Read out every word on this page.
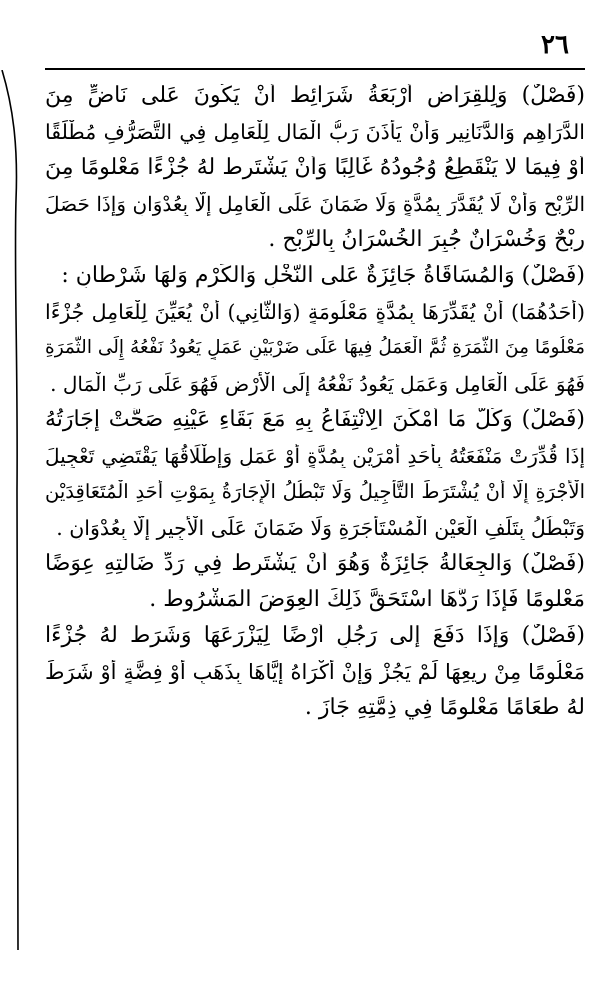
٢٦
(فَصْلٌ) وَلِلْقِرَاضِ أَرْبَعَةُ شَرَائِطَ أَنْ يَكُونَ عَلَى نَاضٍّ مِنَ
الدَّرَاهِمِ وَالدَّنَانِيرِ وَأَنْ يَأْذَنَ رَبُّ الْمَالِ لِلْعَامِلِ فِي التَّصَرُّفِ مُطْلَقًا
أَوْ فِيمَا لَا يَنْقَطِعُ وُجُودُهُ غَالِبًا وَأَنْ يَشْتَرِطَ لَهُ جُزْءًا مَعْلُومًا مِنَ
الرِّبْحِ وَأَنْ لَا يُقَدَّرَ بِمُدَّةٍ وَلَا ضَمَانَ عَلَى الْعَامِلِ إِلَّا بِعُدْوَانٍ وَإِذَا حَصَلَ
رِبْحٌ وَخُسْرَانٌ جُبِرَ الْخُسْرَانُ بِالرِّبْحِ .
(فَصْلٌ) وَالْمُسَاقَاةُ جَائِزَةٌ عَلَى النَّخْلِ وَالْكَرْمِ وَلَهَا شَرْطَانِ :
(أَحَدُهُمَا) أَنْ يُقَدِّرَهَا بِمُدَّةٍ مَعْلُومَةٍ (وَالثَّانِي) أَنْ يُعَيِّنَ لِلْعَامِلِ جُزْءًا
مَعْلُومًا مِنَ الثَّمَرَةِ ثُمَّ الْعَمَلُ فِيهَا عَلَى ضَرْبَيْنِ عَمَلٍ يَعُودُ نَفْعُهُ إِلَى الثَّمَرَةِ
فَهُوَ عَلَى الْعَامِلِ وَعَمَلٍ يَعُودُ نَفْعُهُ إِلَى الْأَرْضِ فَهُوَ عَلَى رَبِّ الْمَالِ .
(فَصْلٌ) وَكُلُّ مَا أَمْكَنَ الِانْتِفَاعُ بِهِ مَعَ بَقَاءِ عَيْنِهِ صَحَّتْ إِجَارَتُهُ
إِذَا قُدِّرَتْ مَنْفَعَتُهُ بِأَحَدِ أَمْرَيْنِ بِمُدَّةٍ أَوْ عَمَلٍ وَإِطْلَاقُهَا يَقْتَضِي تَعْجِيلَ
الْأُجْرَةِ إِلَّا أَنْ يُشْتَرَطَ التَّأْجِيلُ وَلَا تَبْطُلُ الْإِجَارَةُ بِمَوْتِ أَحَدِ الْمُتَعَاقِدَيْنِ
وَتَبْطُلُ بِتَلَفِ الْعَيْنِ الْمُسْتَأْجَرَةِ وَلَا ضَمَانَ عَلَى الْأَجِيرِ إِلَّا بِعُدْوَانٍ .
(فَصْلٌ) وَالْجِعَالَةُ جَائِزَةٌ وَهُوَ أَنْ يَشْتَرِطَ فِي رَدِّ ضَالَّتِهِ عِوَضًا
مَعْلُومًا فَإِذَا رَدَّهَا اسْتَحَقَّ ذَلِكَ الْعِوَضَ الْمَشْرُوطَ .
(فَصْلٌ) وَإِذَا دَفَعَ إِلَى رَجُلٍ أَرْضًا لِيَزْرَعَهَا وَشَرَطَ لَهُ جُزْءًا
مَعْلُومًا مِنْ رِيعِهَا لَمْ يَجُزْ وَإِنْ أَكْرَاهُ إِيَّاهَا بِذَهَبٍ أَوْ فِضَّةٍ أَوْ شَرَطَ
لَهُ طَعَامًا مَعْلُومًا فِي ذِمَّتِهِ جَازَ .
